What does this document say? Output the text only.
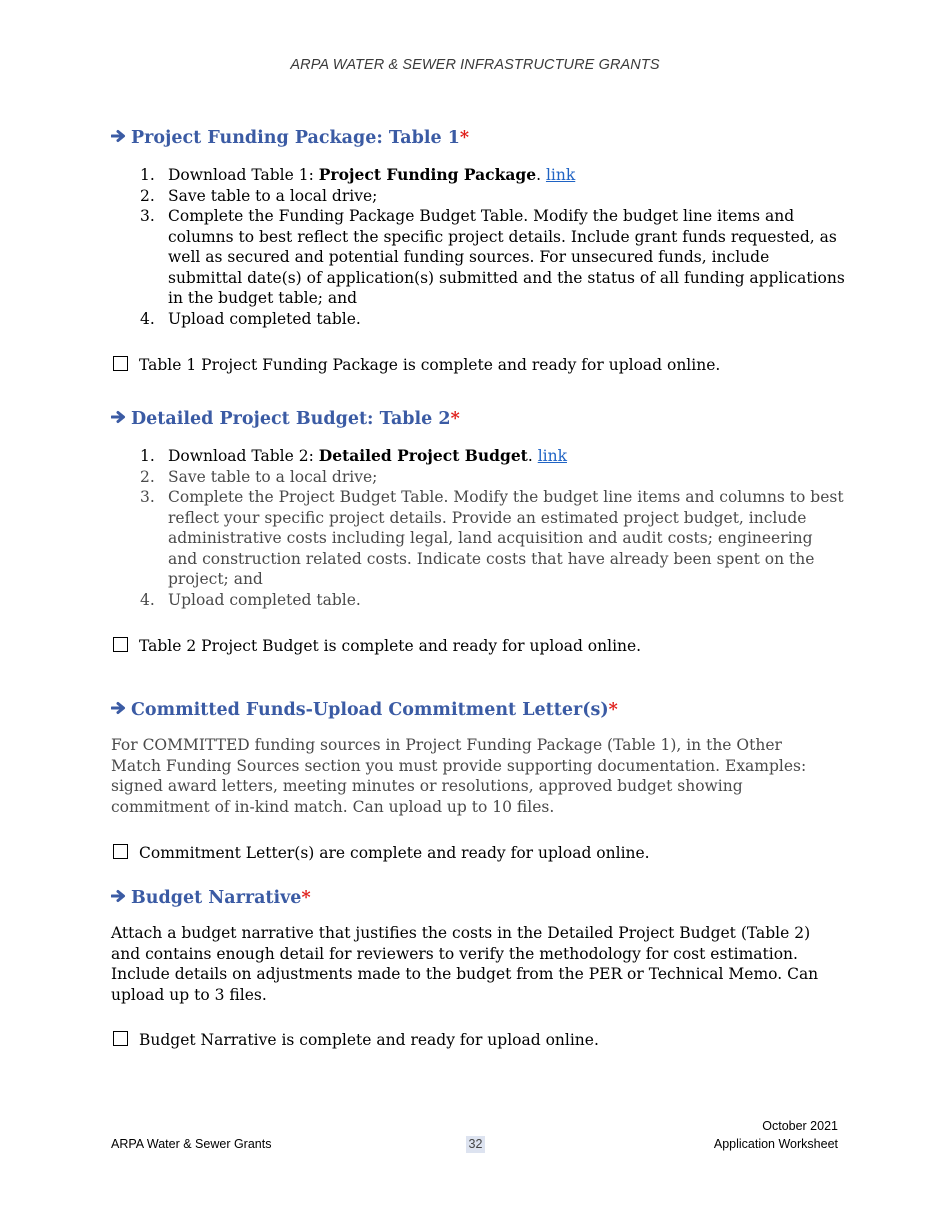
ARPA WATER & SEWER INFRASTRUCTURE GRANTS
Project Funding Package: Table 1*
1. Download Table 1: Project Funding Package. link
2. Save table to a local drive;
3. Complete the Funding Package Budget Table. Modify the budget line items and columns to best reflect the specific project details. Include grant funds requested, as well as secured and potential funding sources. For unsecured funds, include submittal date(s) of application(s) submitted and the status of all funding applications in the budget table; and
4. Upload completed table.
Table 1 Project Funding Package is complete and ready for upload online.
Detailed Project Budget: Table 2*
1. Download Table 2: Detailed Project Budget. link
2. Save table to a local drive;
3. Complete the Project Budget Table. Modify the budget line items and columns to best reflect your specific project details. Provide an estimated project budget, include administrative costs including legal, land acquisition and audit costs; engineering and construction related costs. Indicate costs that have already been spent on the project; and
4. Upload completed table.
Table 2 Project Budget is complete and ready for upload online.
Committed Funds-Upload Commitment Letter(s)*
For COMMITTED funding sources in Project Funding Package (Table 1), in the Other Match Funding Sources section you must provide supporting documentation. Examples: signed award letters, meeting minutes or resolutions, approved budget showing commitment of in-kind match. Can upload up to 10 files.
Commitment Letter(s) are complete and ready for upload online.
Budget Narrative*
Attach a budget narrative that justifies the costs in the Detailed Project Budget (Table 2) and contains enough detail for reviewers to verify the methodology for cost estimation. Include details on adjustments made to the budget from the PER or Technical Memo. Can upload up to 3 files.
Budget Narrative is complete and ready for upload online.
ARPA Water & Sewer Grants	32
October 2021
Application Worksheet
